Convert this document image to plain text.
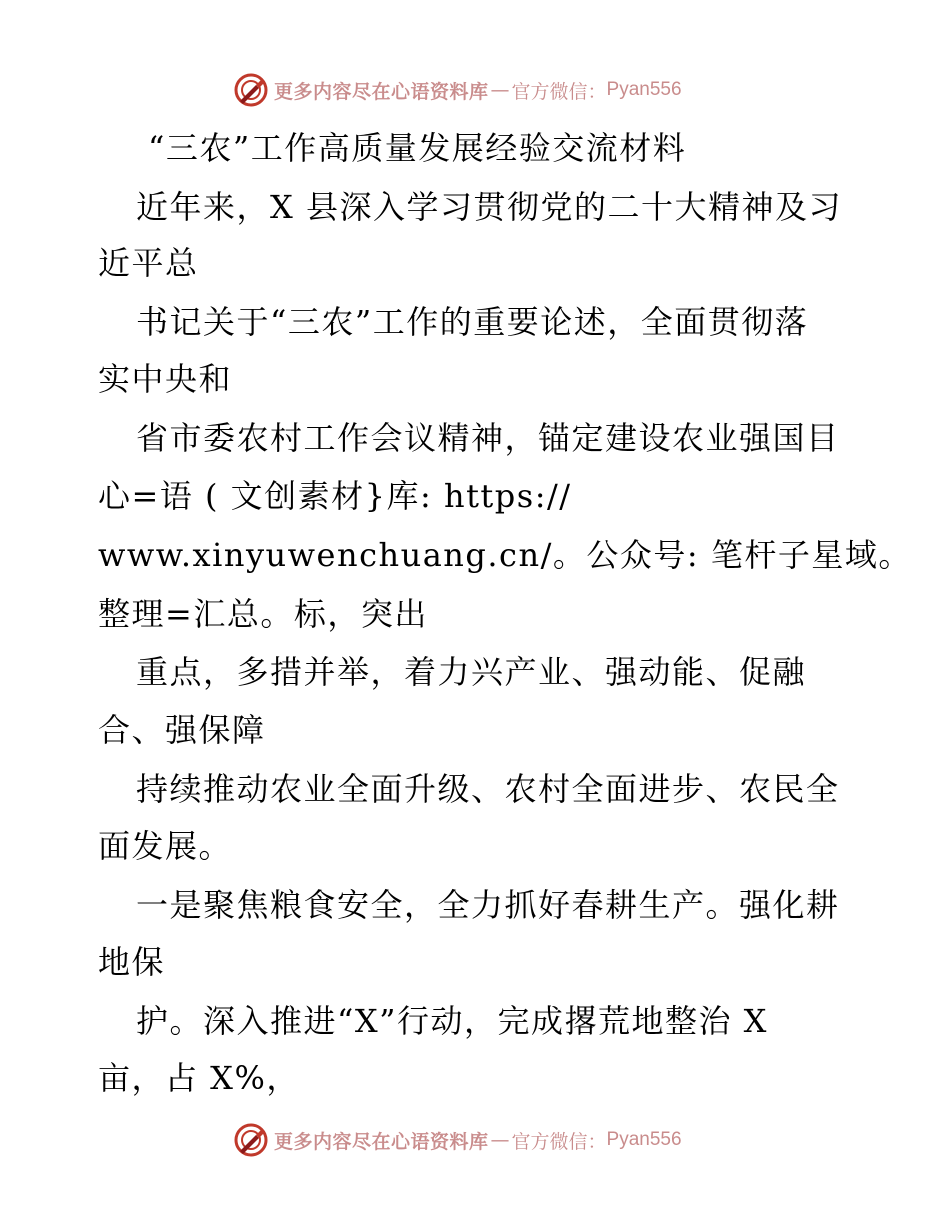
更多内容尽在心语资料库 — 官方微信： Pyan556
“三农”工作高质量发展经验交流材料
近年来，X 县深入学习贯彻党的二十大精神及习
近平总
书记关于“三农”工作的重要论述，全面贯彻落
实中央和
省市委农村工作会议精神，锚定建设农业强国目
心=语 ( 文创素材}库: https://
www.xinyuwenchuang.cn/。公众号: 笔杆子星域。
整理=汇总。标，突出
重点，多措并举，着力兴产业、强动能、促融
合、强保障
持续推动农业全面升级、农村全面进步、农民全
面发展。
一是聚焦粮食安全，全力抓好春耕生产。强化耕
地保
护。深入推进“X”行动，完成撂荒地整治 X
亩，占 X%，
更多内容尽在心语资料库 — 官方微信： Pyan556
